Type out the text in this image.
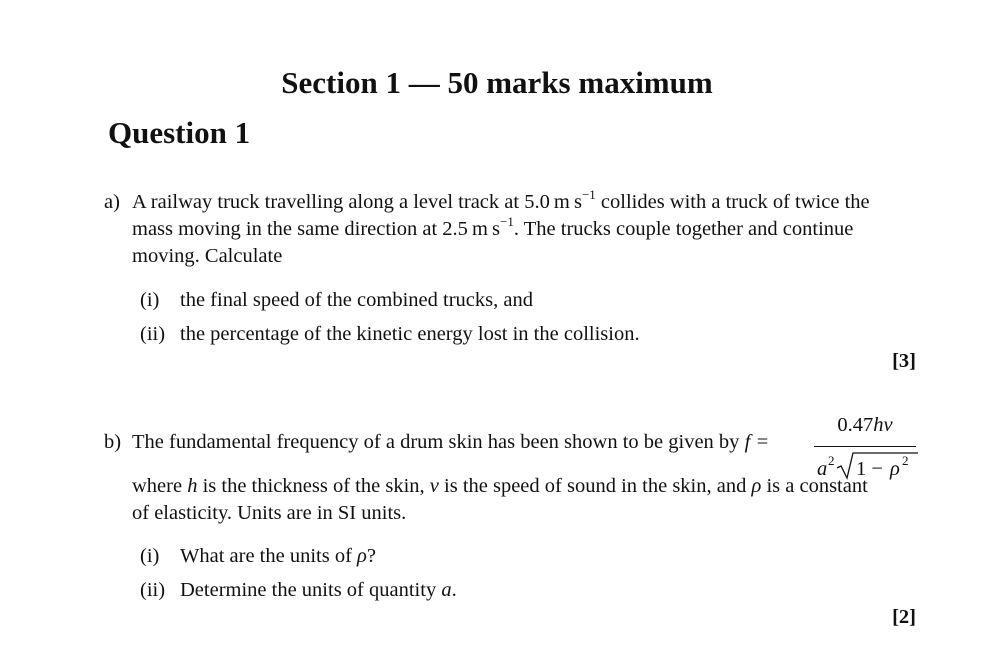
Section 1 — 50 marks maximum
Question 1
a) A railway truck travelling along a level track at 5.0 m $s^{-1}$ collides with a truck of twice the
mass moving in the same direction at 2.5 m $s^{-1}$. The trucks couple together and continue
moving. Calculate
(i) the final speed of the combined trucks, and
(ii) the percentage of the kinetic energy lost in the collision.
[3]
b) The fundamental frequency of a drum skin has been shown to be given by f =
0.47hv
a 2 1 − ρ 2
where h is the thickness of the skin, v is the speed of sound in the skin, and ρ is a constant
of elasticity. Units are in SI units.
(i) What are the units of ρ?
(ii) Determine the units of quantity a.
[2]
